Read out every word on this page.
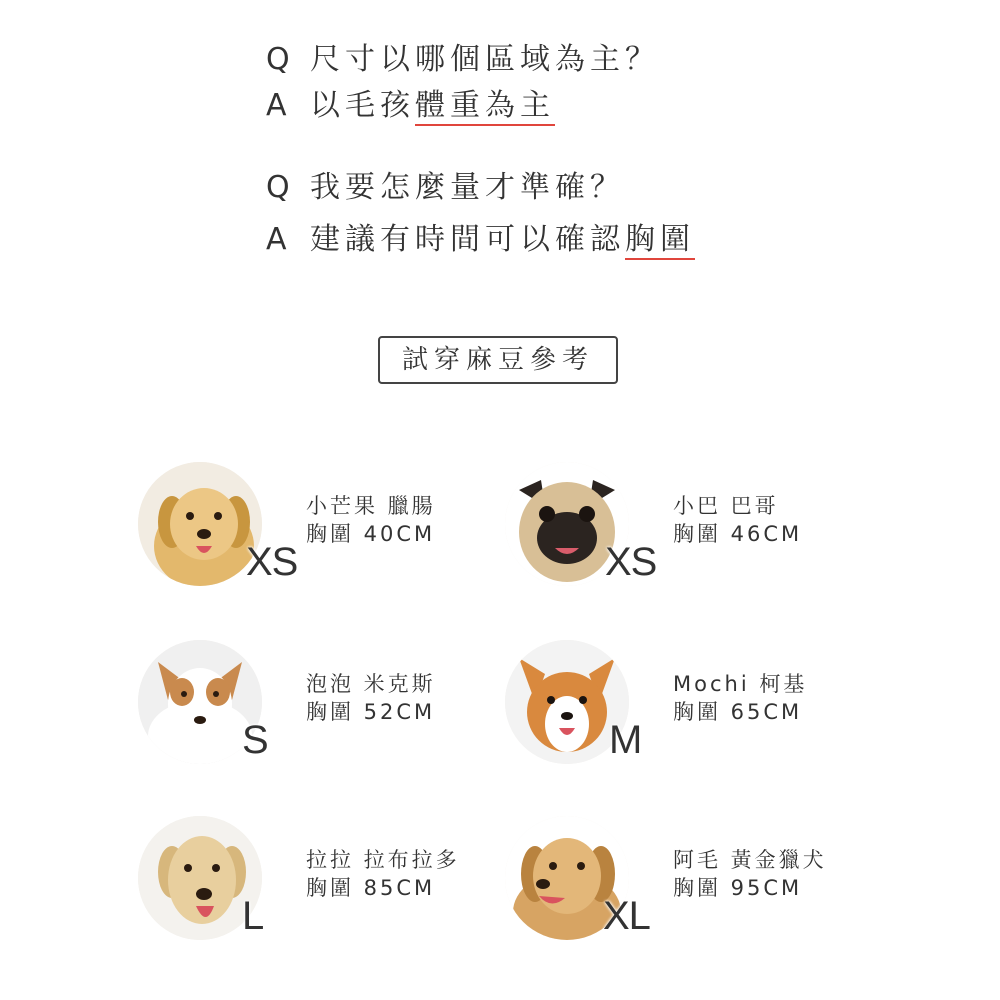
Q 尺寸以哪個區域為主？
A 以毛孩體重為主
Q 我要怎麼量才準確？
A 建議有時間可以確認胸圍
試穿麻豆參考
XS
小芒果 臘腸
胸圍 40CM
XS
小巴 巴哥
胸圍 46CM
S
泡泡 米克斯
胸圍 52CM
M
Mochi 柯基
胸圍 65CM
L
拉拉 拉布拉多
胸圍 85CM
XL
阿毛 黃金獵犬
胸圍 95CM
